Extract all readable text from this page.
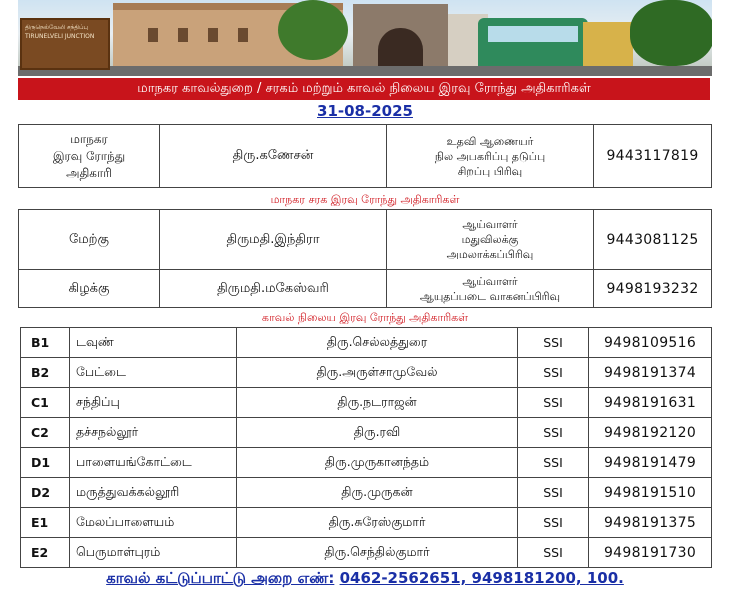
திருநெல்வேலி சந்திப்பு TIRUNELVELI JUNCTION
மாநகர காவல்துறை / சரகம் மற்றும் காவல் நிலைய இரவு ரோந்து அதிகாரிகள்
31-08-2025
மாநகர
இரவு ரோந்து
அதிகாரி
	திரு.கணேசன்	
உதவி ஆணையர்
நில அபகரிப்பு தடுப்பு
சிறப்பு பிரிவு
	9443117819
மாநகர சரக இரவு ரோந்து அதிகாரிகள்
மேற்கு	திருமதி.இந்திரா	ஆய்வாளர்
மதுவிலக்கு
அமலாக்கப்பிரிவு	9443081125
கிழக்கு	திருமதி.மகேஸ்வரி	ஆய்வாளர்
ஆயுதப்படை வாகனப்பிரிவு	9498193232
காவல் நிலைய இரவு ரோந்து அதிகாரிகள்
B1	டவுண்	திரு.செல்லத்துரை	SSI	9498109516
B2	பேட்டை	திரு.அருள்சாமுவேல்	SSI	9498191374
C1	சந்திப்பு	திரு.நடராஜன்	SSI	9498191631
C2	தச்சநல்லூர்	திரு.ரவி	SSI	9498192120
D1	பாளையங்கோட்டை	திரு.முருகானந்தம்	SSI	9498191479
D2	மருத்துவக்கல்லூரி	திரு.முருகன்	SSI	9498191510
E1	மேலப்பாளையம்	திரு.சுரேஸ்குமார்	SSI	9498191375
E2	பெருமாள்புரம்	திரு.செந்தில்குமார்	SSI	9498191730
காவல் கட்டுப்பாட்டு அறை எண்: 0462-2562651, 9498181200, 100.
